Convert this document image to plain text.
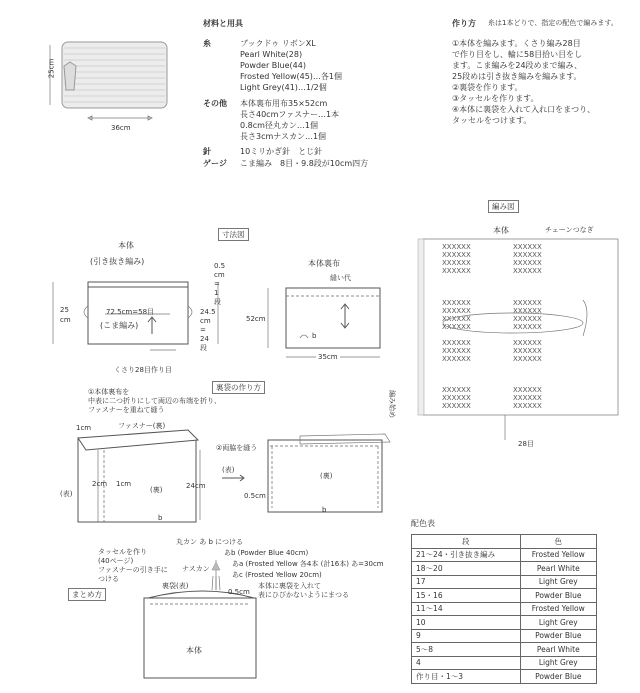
XXXXXX
XXXXXX
XXXXXX
XXXXXX
XXXXXX
XXXXXX
XXXXXX
XXXXXX
XXXXXX
XXXXXX
XXXXXX
XXXXXX
XXXXXX
XXXXXX
XXXXXX
XXXXXX
XXXXXX
XXXXXX
XXXXXX
XXXXXX
XXXXXX
XXXXXX
XXXXXX
XXXXXX
XXXXXX
XXXXXX
XXXXXX
XXXXXX
25cm
36cm
材料と用具
糸	ブックドゥ リボンXL
Pearl White(28)
Powder Blue(44)
Frosted Yellow(45)…各1個
Light Grey(41)…1/2個
その他 本体裏布用布35×52cm
長さ40cmファスナー…1本
0.8cm径丸カン…1個
長さ3cmナスカン…1個
針	10ミリかぎ針　とじ針
ゲージ こま編み　8目・9.8段が10cm四方
作り方 糸は1本どりで、指定の配色で編みます。
①本体を編みます。くさり編み28目
で作り目をし、輪に58目拾い目をし
ます。こま編みを24段めまで編み、
25段めは引き抜き編みを編みます。
②裏袋を作ります。
③タッセルを作ります。
④本体に裏袋を入れて入れ口をまつり、
タッセルをつけます。
寸法図
本体
(引き抜き編み)
72.5cm=58目
(こま編み)
くさり28目作り目
25
cm
0.5
cm
=
1
段
24.5
cm
=
24
段
本体裏布
縫い代
52cm
35cm
b
編み図
本体	チェーンつなぎ
編み始め
28目
裏袋の作り方
①本体裏布を
中表に二つ折りにして両辺の布端を折り、
ファスナーを重ねて縫う
ファスナー(裏)
1cm
2cm 1cm
(表)	(裏)	24cm
b
②両脇を縫う
(表)
(裏)
0.5cm
b
まとめ方
タッセルを作り
(40ページ)
ファスナーの引き手に
つける
丸カン あ b につける
ナスカン
あb (Powder Blue 40cm)
あa (Frosted Yellow 各4本 (計16本) あ=30cm
あc (Frosted Yellow 20cm)
本体に裏袋を入れて
表にひびかないようにまつる
裏袋(表)
0.5cm
本体
配色表
段	色
21～24・引き抜き編み	Frosted Yellow
18～20	Pearl White
17	Light Grey
15・16	Powder Blue
11～14	Frosted Yellow
10	Light Grey
9	Powder Blue
5～8	Pearl White
4	Light Grey
作り目・1～3	Powder Blue
